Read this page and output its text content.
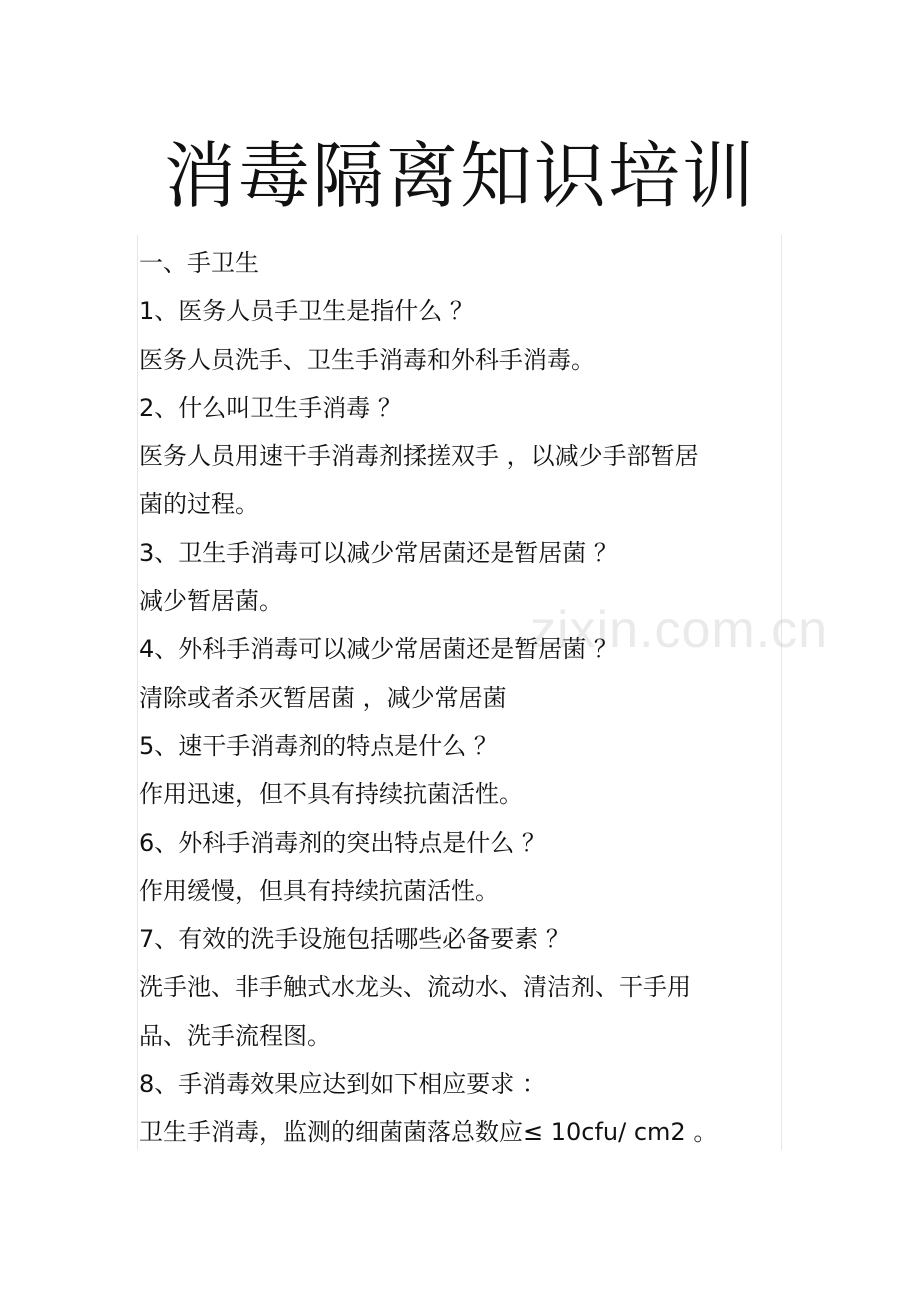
消毒隔离知识培训
zixin.com.cn
一、手卫生
1、医务人员手卫生是指什么 ？
医务人员洗手、卫生手消毒和外科手消毒。
2、什么叫卫生手消毒 ？
医务人员用速干手消毒剂揉搓双手 ，以减少手部暂居
菌的过程。
3、卫生手消毒可以减少常居菌还是暂居菌 ？
减少暂居菌。
4、外科手消毒可以减少常居菌还是暂居菌 ？
清除或者杀灭暂居菌 ，减少常居菌
5、速干手消毒剂的特点是什么 ？
作用迅速，但不具有持续抗菌活性。
6、外科手消毒剂的突出特点是什么 ？
作用缓慢，但具有持续抗菌活性。
7、有效的洗手设施包括哪些必备要素 ？
洗手池、非手触式水龙头、流动水、清洁剂、干手用
品、洗手流程图。
8、手消毒效果应达到如下相应要求 ：
卫生手消毒，监测的细菌菌落总数应≤ 10cfu/ cm2 。
